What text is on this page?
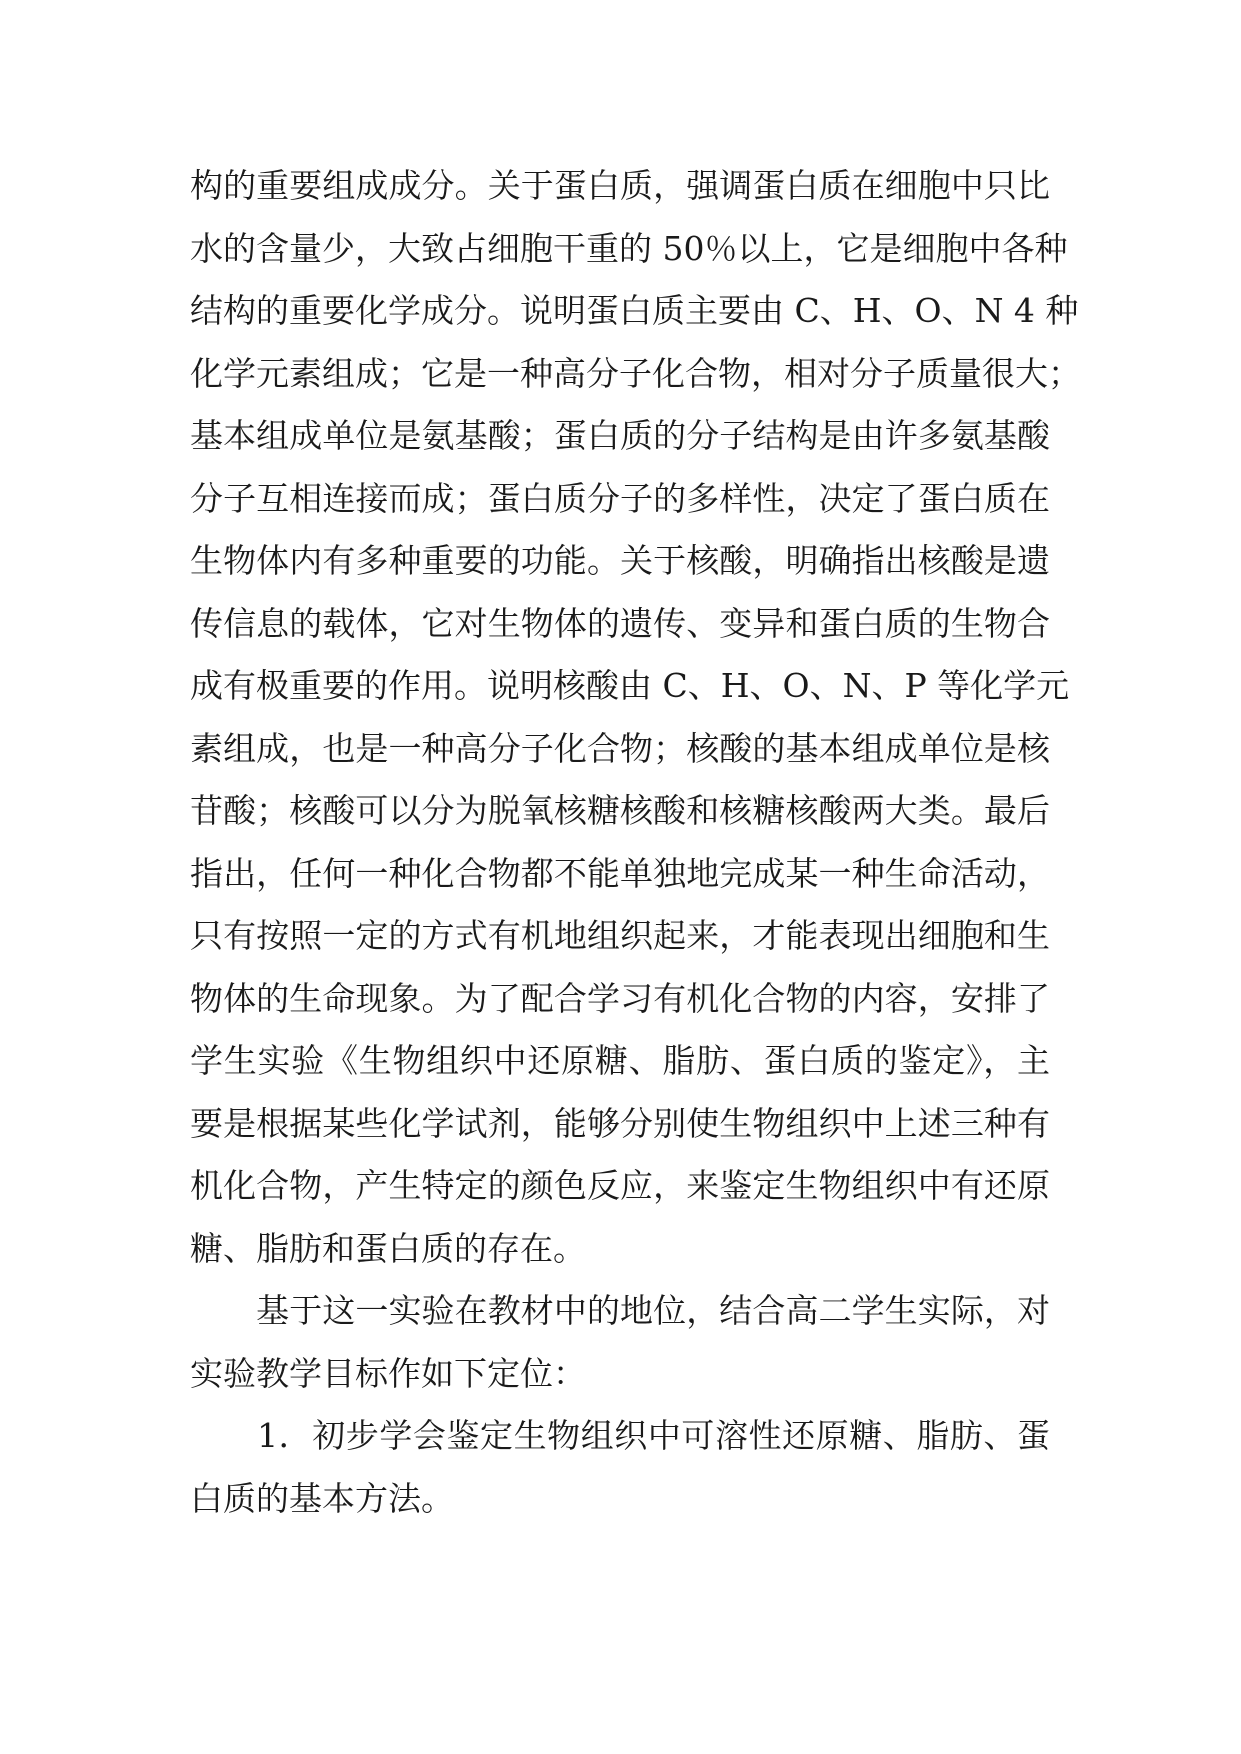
构的重要组成成分。关于蛋白质，强调蛋白质在细胞中只比
水的含量少，大致占细胞干重的 50％以上，它是细胞中各种
结构的重要化学成分。说明蛋白质主要由 C、H、O、N 4 种
化学元素组成；它是一种高分子化合物，相对分子质量很大；
基本组成单位是氨基酸；蛋白质的分子结构是由许多氨基酸
分子互相连接而成；蛋白质分子的多样性，决定了蛋白质在
生物体内有多种重要的功能。关于核酸，明确指出核酸是遗
传信息的载体，它对生物体的遗传、变异和蛋白质的生物合
成有极重要的作用。说明核酸由 C、H、O、N、P 等化学元
素组成，也是一种高分子化合物；核酸的基本组成单位是核
苷酸；核酸可以分为脱氧核糖核酸和核糖核酸两大类。最后
指出，任何一种化合物都不能单独地完成某一种生命活动，
只有按照一定的方式有机地组织起来，才能表现出细胞和生
物体的生命现象。为了配合学习有机化合物的内容，安排了
学生实验《生物组织中还原糖、脂肪、蛋白质的鉴定》，主
要是根据某些化学试剂，能够分别使生物组织中上述三种有
机化合物，产生特定的颜色反应，来鉴定生物组织中有还原
糖、脂肪和蛋白质的存在。
　　基于这一实验在教材中的地位，结合高二学生实际，对
实验教学目标作如下定位：
　　1．初步学会鉴定生物组织中可溶性还原糖、脂肪、蛋
白质的基本方法。
